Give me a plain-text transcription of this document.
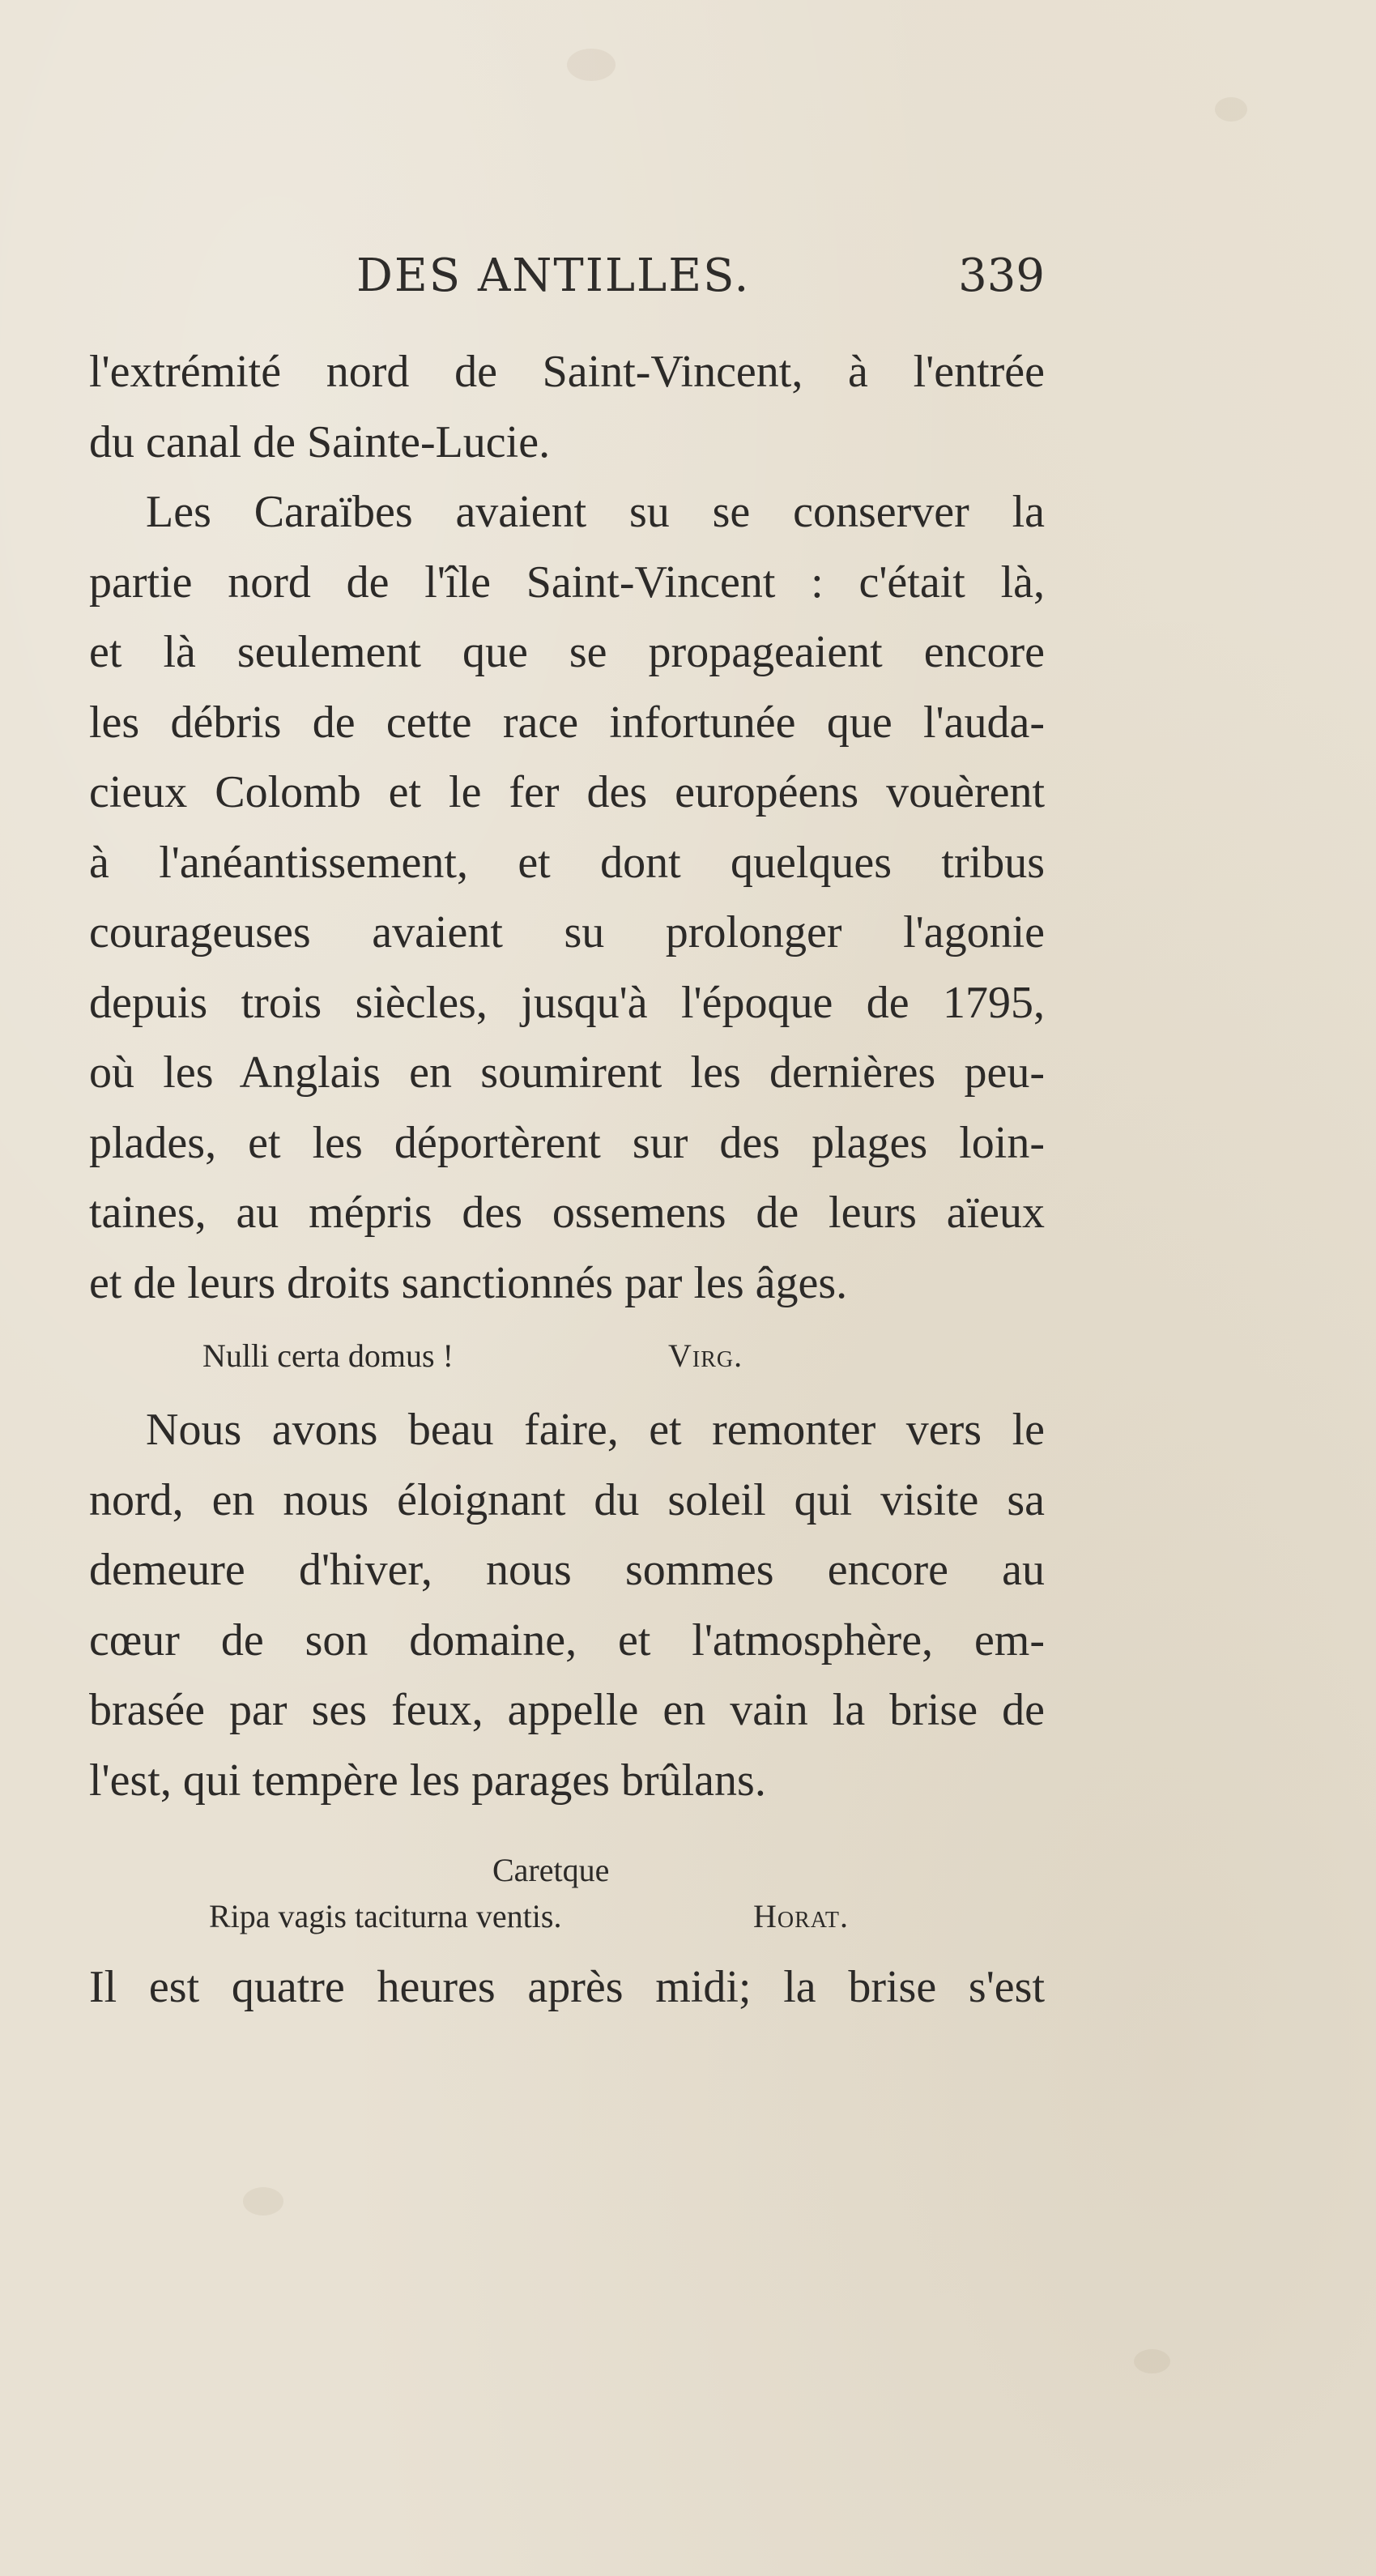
DES ANTILLES.	339
l'extrémité nord de Saint-Vincent, à l'entrée
du canal de Sainte-Lucie.
Les Caraïbes avaient su se conserver la
partie nord de l'île Saint-Vincent : c'était là,
et là seulement que se propageaient encore
les débris de cette race infortunée que l'auda-
cieux Colomb et le fer des européens vouèrent
à l'anéantissement, et dont quelques tribus
courageuses avaient su prolonger l'agonie
depuis trois siècles, jusqu'à l'époque de 1795,
où les Anglais en soumirent les dernières peu-
plades, et les déportèrent sur des plages loin-
taines, au mépris des ossemens de leurs aïeux
et de leurs droits sanctionnés par les âges.
Nulli certa domus !	Virg.
Nous avons beau faire, et remonter vers le
nord, en nous éloignant du soleil qui visite sa
demeure d'hiver, nous sommes encore au
cœur de son domaine, et l'atmosphère, em-
brasée par ses feux, appelle en vain la brise de
l'est, qui tempère les parages brûlans.
Caretque
Ripa vagis taciturna ventis.	Horat.
Il est quatre heures après midi; la brise s'est
